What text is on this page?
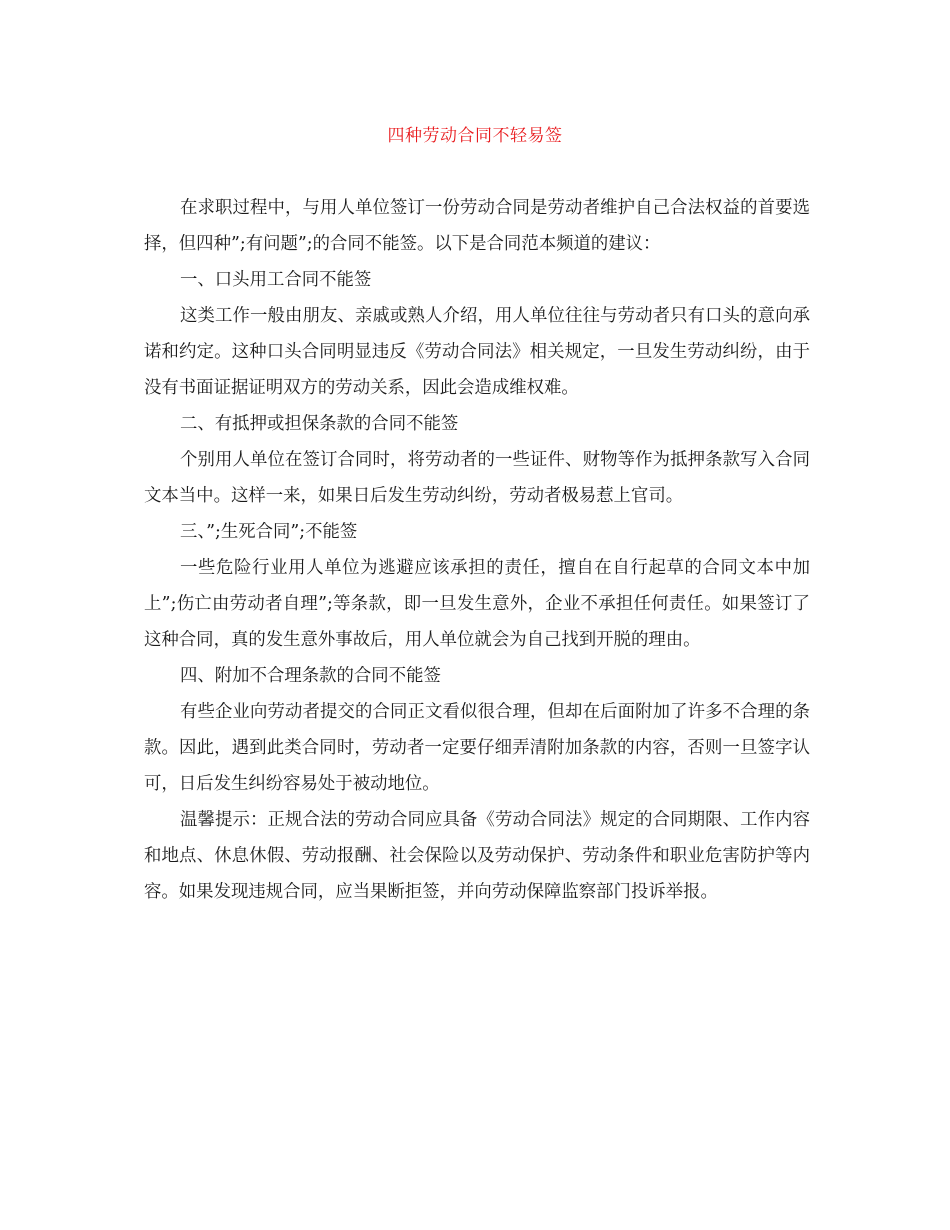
四种劳动合同不轻易签

在求职过程中，与用人单位签订一份劳动合同是劳动者维护自己合法权益的首要选择，但四种”;有问题”;的合同不能签。以下是合同范本频道的建议：

一、口头用工合同不能签

这类工作一般由朋友、亲戚或熟人介绍，用人单位往往与劳动者只有口头的意向承诺和约定。这种口头合同明显违反《劳动合同法》相关规定，一旦发生劳动纠纷，由于没有书面证据证明双方的劳动关系，因此会造成维权难。

二、有抵押或担保条款的合同不能签

个别用人单位在签订合同时，将劳动者的一些证件、财物等作为抵押条款写入合同文本当中。这样一来，如果日后发生劳动纠纷，劳动者极易惹上官司。

三、”;生死合同”;不能签

一些危险行业用人单位为逃避应该承担的责任，擅自在自行起草的合同文本中加上”;伤亡由劳动者自理”;等条款，即一旦发生意外，企业不承担任何责任。如果签订了这种合同，真的发生意外事故后，用人单位就会为自己找到开脱的理由。

四、附加不合理条款的合同不能签

有些企业向劳动者提交的合同正文看似很合理，但却在后面附加了许多不合理的条款。因此，遇到此类合同时，劳动者一定要仔细弄清附加条款的内容，否则一旦签字认可，日后发生纠纷容易处于被动地位。

温馨提示：正规合法的劳动合同应具备《劳动合同法》规定的合同期限、工作内容和地点、休息休假、劳动报酬、社会保险以及劳动保护、劳动条件和职业危害防护等内容。如果发现违规合同，应当果断拒签，并向劳动保障监察部门投诉举报。
